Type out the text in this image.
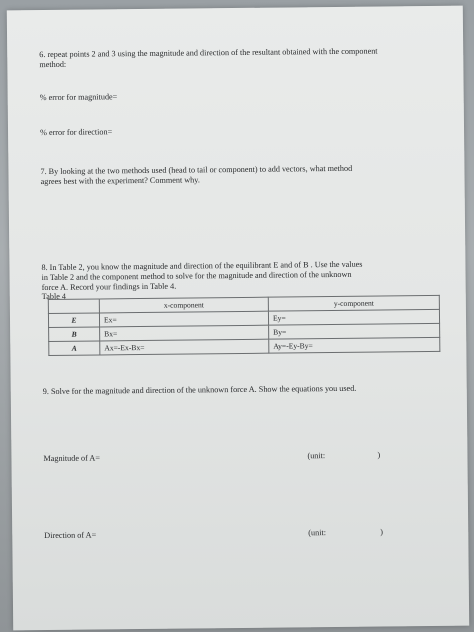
6. repeat points 2 and 3 using the magnitude and direction of the resultant obtained with the component
method:
% error for magnitude=
% error for direction=
7. By looking at the two methods used (head to tail or component) to add vectors, what method
agrees best with the experiment? Comment why.
8. In Table 2, you know the magnitude and direction of the equilibrant E and of B . Use the values
in Table 2 and the component method to solve for the magnitude and direction of the unknown
force A. Record your findings in Table 4.
Table 4
	x-component	y-component
E	Ex=	Ey=
B	Bx=	By=
A	Ax=-Ex-Bx=	Ay=-Ey-By=
9. Solve for the magnitude and direction of the unknown force A. Show the equations you used.
Magnitude of A=	(unit:	)
Direction of A=	(unit:	)
